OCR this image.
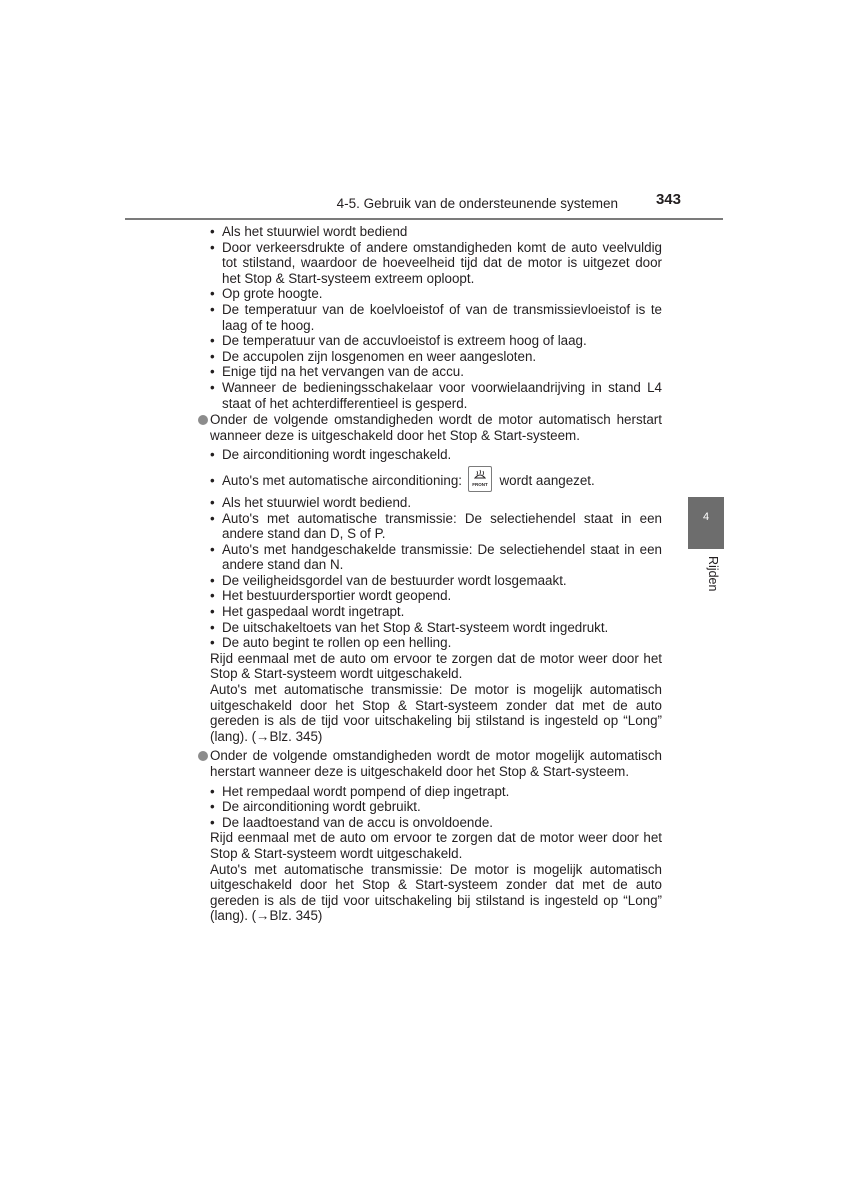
4-5. Gebruik van de ondersteunende systemen	343
4
Rijden
• Als het stuurwiel wordt bediend
• Door verkeersdrukte of andere omstandigheden komt de auto veelvuldig tot stilstand, waardoor de hoeveelheid tijd dat de motor is uitgezet door het Stop & Start-systeem extreem oploopt.
• Op grote hoogte.
• De temperatuur van de koelvloeistof of van de transmissievloeistof is te laag of te hoog.
• De temperatuur van de accuvloeistof is extreem hoog of laag.
• De accupolen zijn losgenomen en weer aangesloten.
• Enige tijd na het vervangen van de accu.
• Wanneer de bedieningsschakelaar voor voorwielaandrijving in stand L4 staat of het achterdifferentieel is gesperd.
Onder de volgende omstandigheden wordt de motor automatisch herstart wanneer deze is uitgeschakeld door het Stop & Start-systeem.
• De airconditioning wordt ingeschakeld.
• Auto's met automatische airconditioning: FRONT wordt aangezet.
• Als het stuurwiel wordt bediend.
• Auto's met automatische transmissie: De selectiehendel staat in een andere stand dan D, S of P.
• Auto's met handgeschakelde transmissie: De selectiehendel staat in een andere stand dan N.
• De veiligheidsgordel van de bestuurder wordt losgemaakt.
• Het bestuurdersportier wordt geopend.
• Het gaspedaal wordt ingetrapt.
• De uitschakeltoets van het Stop & Start-systeem wordt ingedrukt.
• De auto begint te rollen op een helling.
Rijd eenmaal met de auto om ervoor te zorgen dat de motor weer door het Stop & Start-systeem wordt uitgeschakeld.
Auto's met automatische transmissie: De motor is mogelijk automatisch uitgeschakeld door het Stop & Start-systeem zonder dat met de auto gereden is als de tijd voor uitschakeling bij stilstand is ingesteld op “Long” (lang). (→Blz. 345)
Onder de volgende omstandigheden wordt de motor mogelijk automatisch herstart wanneer deze is uitgeschakeld door het Stop & Start-systeem.
• Het rempedaal wordt pompend of diep ingetrapt.
• De airconditioning wordt gebruikt.
• De laadtoestand van de accu is onvoldoende.
Rijd eenmaal met de auto om ervoor te zorgen dat de motor weer door het Stop & Start-systeem wordt uitgeschakeld.
Auto's met automatische transmissie: De motor is mogelijk automatisch uitgeschakeld door het Stop & Start-systeem zonder dat met de auto gereden is als de tijd voor uitschakeling bij stilstand is ingesteld op “Long” (lang). (→Blz. 345)
